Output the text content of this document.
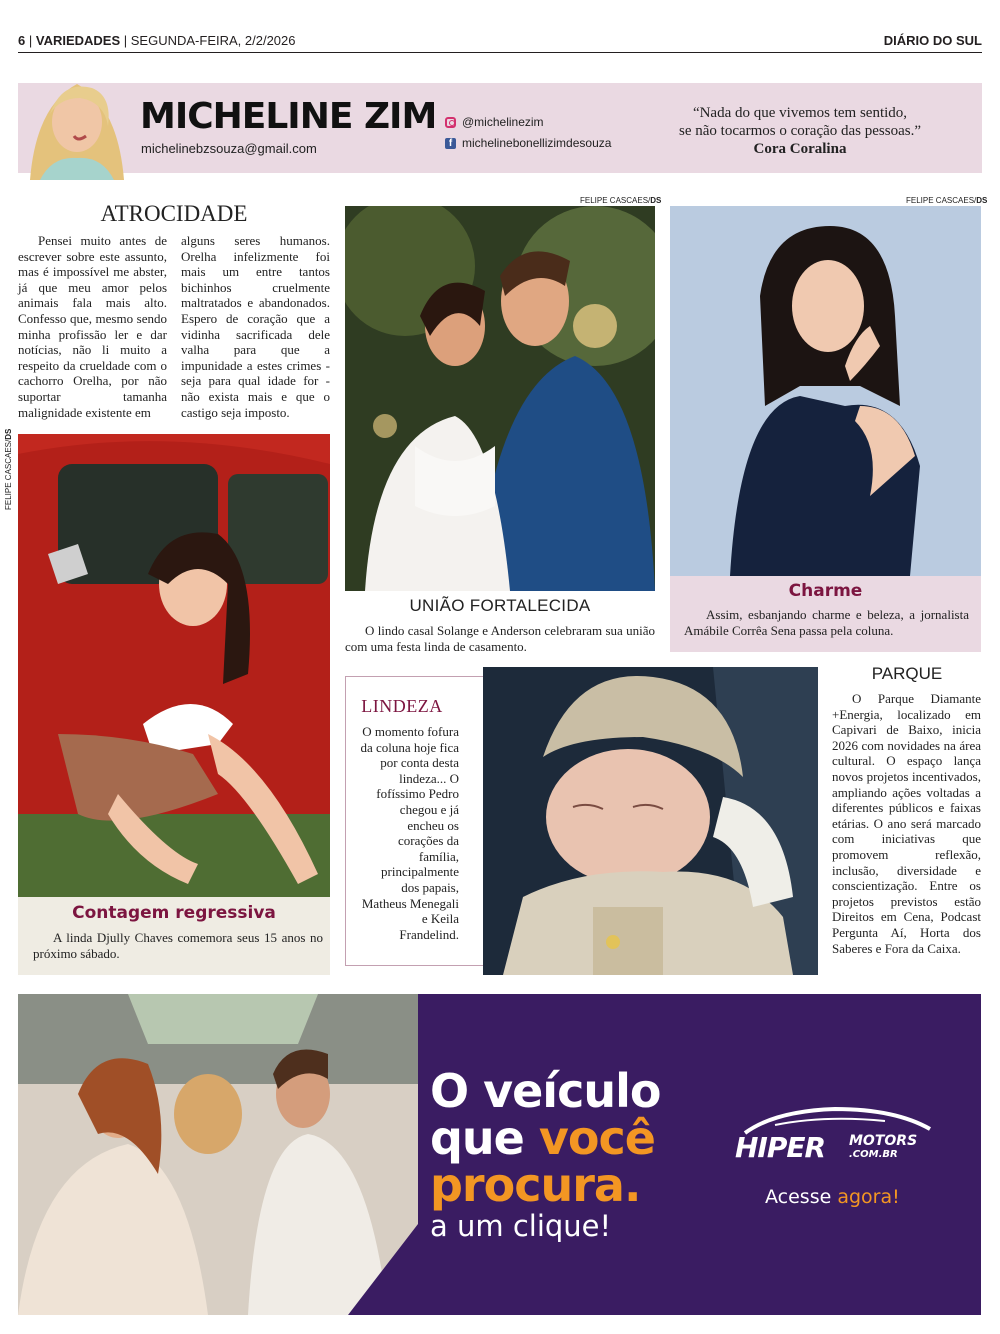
6 | VARIEDADES | SEGUNDA-FEIRA, 2/2/2026	DIÁRIO DO SUL
MICHELINE ZIM
michelinebzsouza@gmail.com
@michelinezim
f michelinebonellizimdesouza
“Nada do que vivemos tem sentido,
se não tocarmos o coração das pessoas.”
Cora Coralina
ATROCIDADE
Pensei muito antes de escrever sobre este assunto, mas é impossível me abster, já que meu amor pelos animais fala mais alto. Confesso que, mesmo sendo minha profissão ler e dar notícias, não li muito a respeito da crueldade com o cachorro Orelha, por não suportar tamanha malignidade existente em
alguns seres humanos. Orelha infelizmente foi mais um entre tantos bichinhos cruelmente maltratados e abandonados. Espero de coração que a vidinha sacrificada dele valha para que a impunidade a estes crimes - seja para qual idade for - não exista mais e que o castigo seja imposto.
FELIPE CASCAES/DS
Contagem regressiva
A linda Djully Chaves comemora seus 15 anos no próximo sábado.
FELIPE CASCAES/DS
UNIÃO FORTALECIDA
O lindo casal Solange e Anderson celebraram sua união com uma festa linda de casamento.
FELIPE CASCAES/DS
Charme
Assim, esbanjando charme e beleza, a jornalista Amábile Corrêa Sena passa pela coluna.
LINDEZA
O momento fofura da coluna hoje fica por conta desta lindeza... O fofíssimo Pedro chegou e já encheu os corações da família, principalmente dos papais, Matheus Menegali e Keila Frandelind.
PARQUE
O Parque Diamante +Energia, localizado em Capivari de Baixo, inicia 2026 com novidades na área cultural. O espaço lança novos projetos incentivados, ampliando ações voltadas a diferentes públicos e faixas etárias. O ano será marcado com iniciativas que promovem reflexão, inclusão, diversidade e conscientização. Entre os projetos previstos estão Direitos em Cena, Podcast Pergunta Aí, Horta dos Saberes e Fora da Caixa.
O veículo
que você
procura.
a um clique!
HIPER MOTORS
.COM.BR
Acesse agora!
